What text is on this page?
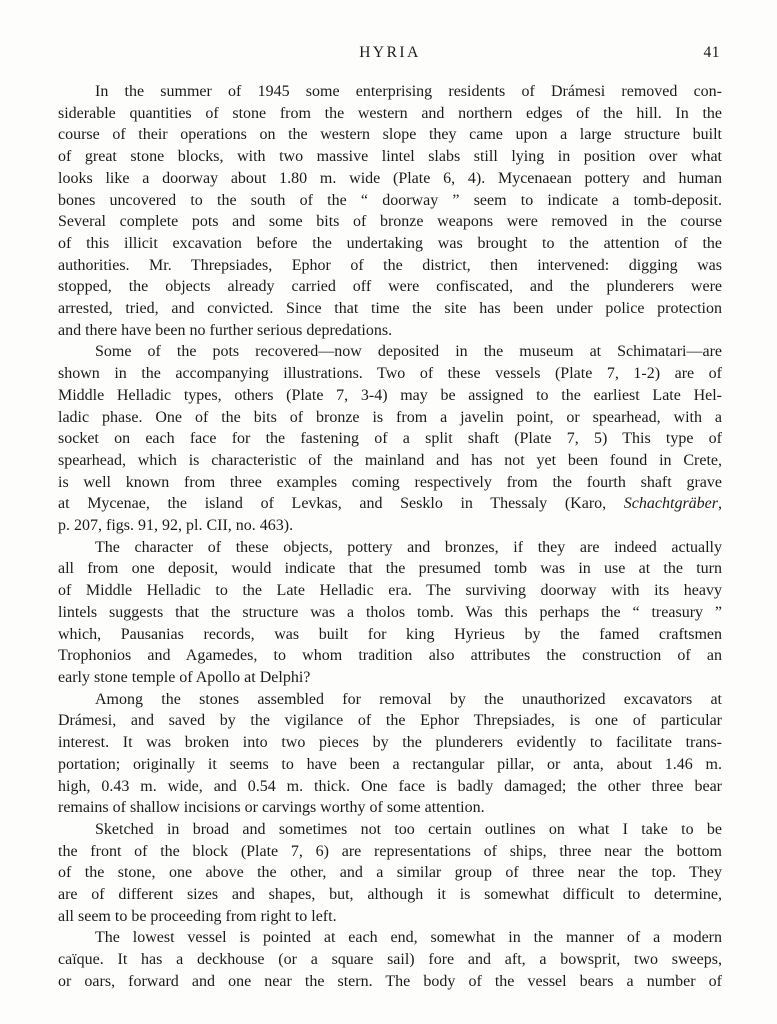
HYRIA	41
In the summer of 1945 some enterprising residents of Drámesi removed con-
siderable quantities of stone from the western and northern edges of the hill. In the
course of their operations on the western slope they came upon a large structure built
of great stone blocks, with two massive lintel slabs still lying in position over what
looks like a doorway about 1.80 m. wide (Plate 6, 4). Mycenaean pottery and human
bones uncovered to the south of the “ doorway ” seem to indicate a tomb-deposit.
Several complete pots and some bits of bronze weapons were removed in the course
of this illicit excavation before the undertaking was brought to the attention of the
authorities. Mr. Threpsiades, Ephor of the district, then intervened: digging was
stopped, the objects already carried off were confiscated, and the plunderers were
arrested, tried, and convicted. Since that time the site has been under police protection
and there have been no further serious depredations.
Some of the pots recovered—now deposited in the museum at Schimatari—are
shown in the accompanying illustrations. Two of these vessels (Plate 7, 1-2) are of
Middle Helladic types, others (Plate 7, 3-4) may be assigned to the earliest Late Hel-
ladic phase. One of the bits of bronze is from a javelin point, or spearhead, with a
socket on each face for the fastening of a split shaft (Plate 7, 5) This type of
spearhead, which is characteristic of the mainland and has not yet been found in Crete,
is well known from three examples coming respectively from the fourth shaft grave
at Mycenae, the island of Levkas, and Sesklo in Thessaly (Karo, Schachtgräber,
p. 207, figs. 91, 92, pl. CII, no. 463).
The character of these objects, pottery and bronzes, if they are indeed actually
all from one deposit, would indicate that the presumed tomb was in use at the turn
of Middle Helladic to the Late Helladic era. The surviving doorway with its heavy
lintels suggests that the structure was a tholos tomb. Was this perhaps the “ treasury ”
which, Pausanias records, was built for king Hyrieus by the famed craftsmen
Trophonios and Agamedes, to whom tradition also attributes the construction of an
early stone temple of Apollo at Delphi?
Among the stones assembled for removal by the unauthorized excavators at
Drámesi, and saved by the vigilance of the Ephor Threpsiades, is one of particular
interest. It was broken into two pieces by the plunderers evidently to facilitate trans-
portation; originally it seems to have been a rectangular pillar, or anta, about 1.46 m.
high, 0.43 m. wide, and 0.54 m. thick. One face is badly damaged; the other three bear
remains of shallow incisions or carvings worthy of some attention.
Sketched in broad and sometimes not too certain outlines on what I take to be
the front of the block (Plate 7, 6) are representations of ships, three near the bottom
of the stone, one above the other, and a similar group of three near the top. They
are of different sizes and shapes, but, although it is somewhat difficult to determine,
all seem to be proceeding from right to left.
The lowest vessel is pointed at each end, somewhat in the manner of a modern
caïque. It has a deckhouse (or a square sail) fore and aft, a bowsprit, two sweeps,
or oars, forward and one near the stern. The body of the vessel bears a number of
